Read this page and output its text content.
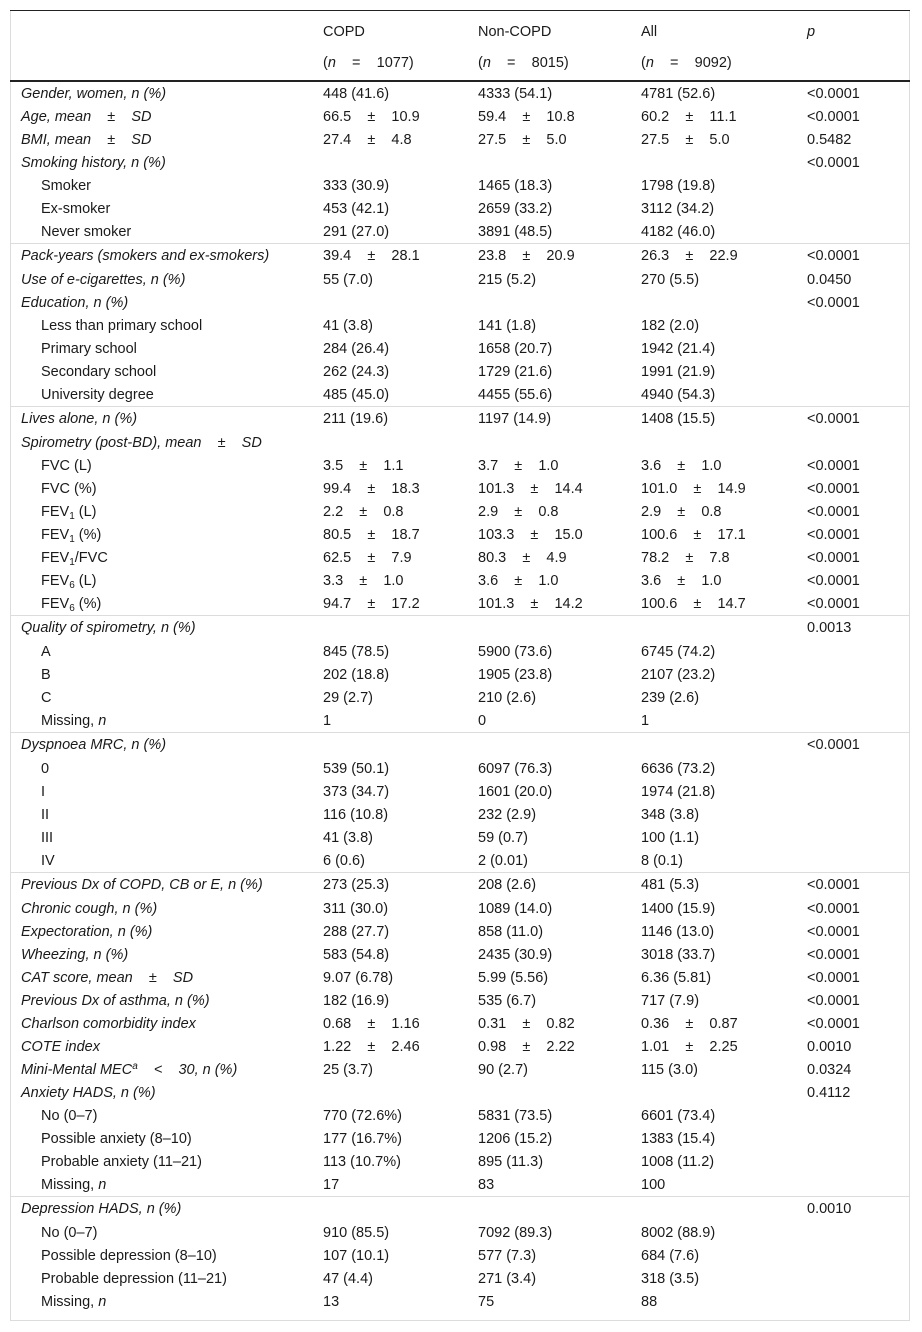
	COPD	Non-COPD	All	p
	(n    =    1077)	(n    =    8015)	(n    =    9092)	
Gender, women, n (%)	448 (41.6)	4333 (54.1)	4781 (52.6)	<0.0001
Age, mean    ±    SD	66.5    ±    10.9	59.4    ±    10.8	60.2    ±    11.1	<0.0001
BMI, mean    ±    SD	27.4    ±    4.8	27.5    ±    5.0	27.5    ±    5.0	0.5482
Smoking history, n (%)				<0.0001
Smoker	333 (30.9)	1465 (18.3)	1798 (19.8)	
Ex-smoker	453 (42.1)	2659 (33.2)	3112 (34.2)	
Never smoker	291 (27.0)	3891 (48.5)	4182 (46.0)	
Pack-years (smokers and ex-smokers)	39.4    ±    28.1	23.8    ±    20.9	26.3    ±    22.9	<0.0001
Use of e-cigarettes, n (%)	55 (7.0)	215 (5.2)	270 (5.5)	0.0450
Education, n (%)				<0.0001
Less than primary school	41 (3.8)	141 (1.8)	182 (2.0)	
Primary school	284 (26.4)	1658 (20.7)	1942 (21.4)	
Secondary school	262 (24.3)	1729 (21.6)	1991 (21.9)	
University degree	485 (45.0)	4455 (55.6)	4940 (54.3)	
Lives alone, n (%)	211 (19.6)	1197 (14.9)	1408 (15.5)	<0.0001
Spirometry (post-BD), mean    ±    SD				
FVC (L)	3.5    ±    1.1	3.7    ±    1.0	3.6    ±    1.0	<0.0001
FVC (%)	99.4    ±    18.3	101.3    ±    14.4	101.0    ±    14.9	<0.0001
$FEV_1$ (L)	2.2    ±    0.8	2.9    ±    0.8	2.9    ±    0.8	<0.0001
$FEV_1$ (%)	80.5    ±    18.7	103.3    ±    15.0	100.6    ±    17.1	<0.0001
$FEV_1$/FVC	62.5    ±    7.9	80.3    ±    4.9	78.2    ±    7.8	<0.0001
$FEV_6$ (L)	3.3    ±    1.0	3.6    ±    1.0	3.6    ±    1.0	<0.0001
$FEV_6$ (%)	94.7    ±    17.2	101.3    ±    14.2	100.6    ±    14.7	<0.0001
Quality of spirometry, n (%)				0.0013
A	845 (78.5)	5900 (73.6)	6745 (74.2)	
B	202 (18.8)	1905 (23.8)	2107 (23.2)	
C	29 (2.7)	210 (2.6)	239 (2.6)	
Missing, n	1	0	1	
Dyspnoea MRC, n (%)				<0.0001
0	539 (50.1)	6097 (76.3)	6636 (73.2)	
I	373 (34.7)	1601 (20.0)	1974 (21.8)	
II	116 (10.8)	232 (2.9)	348 (3.8)	
III	41 (3.8)	59 (0.7)	100 (1.1)	
IV	6 (0.6)	2 (0.01)	8 (0.1)	
Previous Dx of COPD, CB or E, n (%)	273 (25.3)	208 (2.6)	481 (5.3)	<0.0001
Chronic cough, n (%)	311 (30.0)	1089 (14.0)	1400 (15.9)	<0.0001
Expectoration, n (%)	288 (27.7)	858 (11.0)	1146 (13.0)	<0.0001
Wheezing, n (%)	583 (54.8)	2435 (30.9)	3018 (33.7)	<0.0001
CAT score, mean    ±    SD	9.07 (6.78)	5.99 (5.56)	6.36 (5.81)	<0.0001
Previous Dx of asthma, n (%)	182 (16.9)	535 (6.7)	717 (7.9)	<0.0001
Charlson comorbidity index	0.68    ±    1.16	0.31    ±    0.82	0.36    ±    0.87	<0.0001
COTE index	1.22    ±    2.46	0.98    ±    2.22	1.01    ±    2.25	0.0010
Mini-Mental MEC$^a$    <    30, n (%)	25 (3.7)	90 (2.7)	115 (3.0)	0.0324
Anxiety HADS, n (%)				0.4112
No (0–7)	770 (72.6%)	5831 (73.5)	6601 (73.4)	
Possible anxiety (8–10)	177 (16.7%)	1206 (15.2)	1383 (15.4)	
Probable anxiety (11–21)	113 (10.7%)	895 (11.3)	1008 (11.2)	
Missing, n	17	83	100	
Depression HADS, n (%)				0.0010
No (0–7)	910 (85.5)	7092 (89.3)	8002 (88.9)	
Possible depression (8–10)	107 (10.1)	577 (7.3)	684 (7.6)	
Probable depression (11–21)	47 (4.4)	271 (3.4)	318 (3.5)	
Missing, n	13	75	88	
